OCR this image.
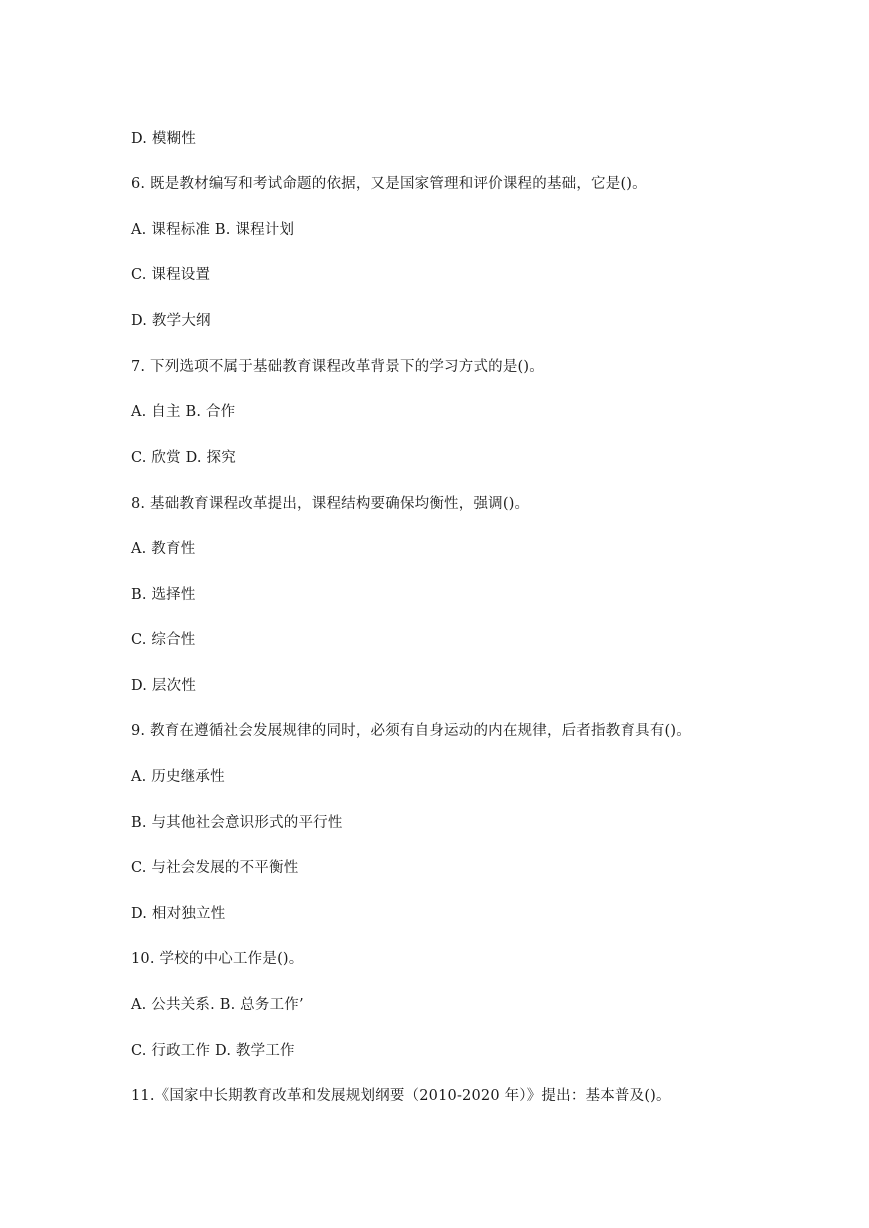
D. 模糊性
6. 既是教材编写和考试命题的依据，又是国家管理和评价课程的基础，它是()。
A. 课程标准 B. 课程计划
C. 课程设置
D. 教学大纲
7. 下列选项不属于基础教育课程改革背景下的学习方式的是()。
A. 自主 B. 合作
C. 欣赏 D. 探究
8. 基础教育课程改革提出，课程结构要确保均衡性，强调()。
A. 教育性
B. 选择性
C. 综合性
D. 层次性
9. 教育在遵循社会发展规律的同时，必须有自身运动的内在规律，后者指教育具有()。
A. 历史继承性
B. 与其他社会意识形式的平行性
C. 与社会发展的不平衡性
D. 相对独立性
10. 学校的中心工作是()。
A. 公共关系. B. 总务工作’
C. 行政工作 D. 教学工作
11.《国家中长期教育改革和发展规划纲要（2010-2020 年）》提出：基本普及()。
